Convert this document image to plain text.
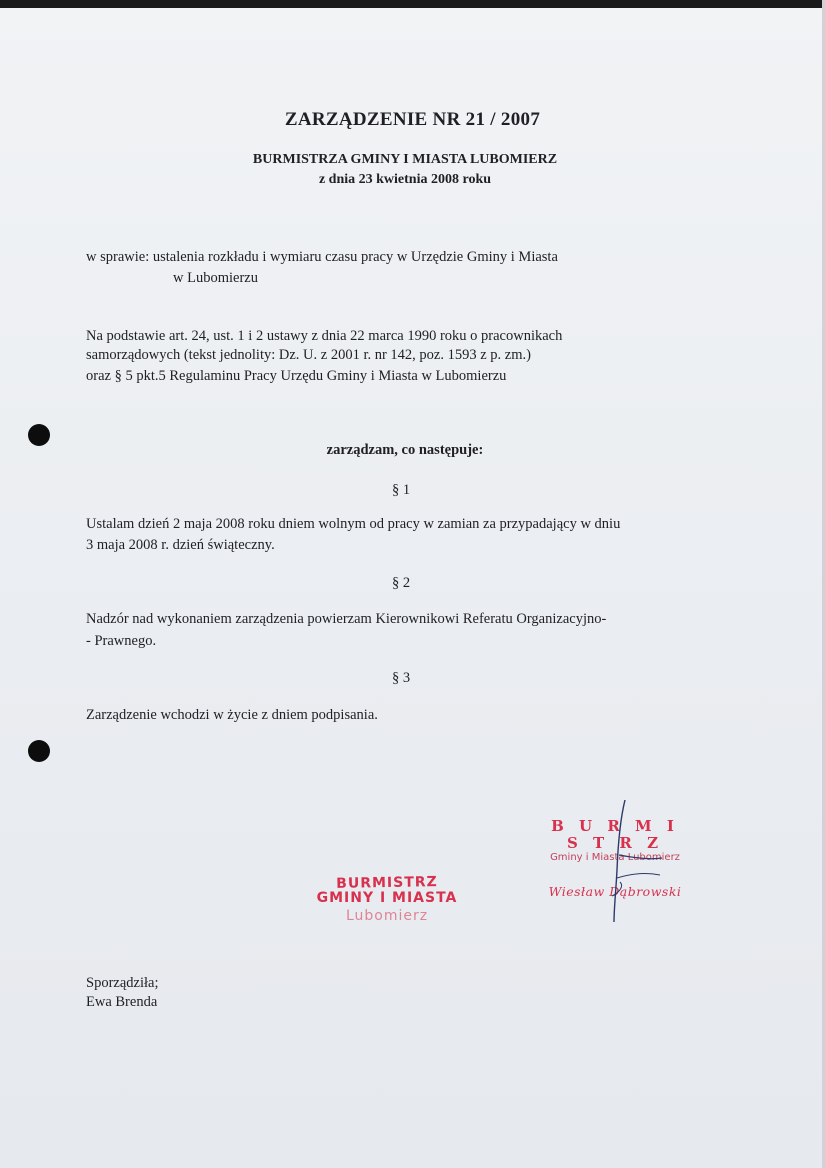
ZARZĄDZENIE NR 21 / 2007

BURMISTRZA GMINY I MIASTA LUBOMIERZ

z dnia 23 kwietnia 2008 roku

w sprawie: ustalenia rozkładu i wymiaru czasu pracy w Urzędzie Gminy i Miasta

w Lubomierzu

Na podstawie art. 24, ust. 1 i 2 ustawy z dnia 22 marca 1990 roku o pracownikach

samorządowych (tekst jednolity: Dz. U. z 2001 r. nr 142, poz. 1593 z p. zm.)

oraz § 5 pkt.5 Regulaminu Pracy Urzędu Gminy i Miasta w Lubomierzu

zarządzam, co następuje:

§ 1

Ustalam dzień 2 maja 2008 roku dniem wolnym od pracy w zamian za przypadający w dniu

3 maja 2008 r. dzień świąteczny.

§ 2

Nadzór nad wykonaniem zarządzenia powierzam Kierownikowi Referatu Organizacyjno-

- Prawnego.

§ 3

Zarządzenie wchodzi w życie z dniem podpisania.

B U R M I S T R Z
Gminy i Miasta Lubomierz
Wiesław Dąbrowski
BURMISTRZ
GMINY I MIASTA
Lubomierz

Sporządziła;

Ewa Brenda
